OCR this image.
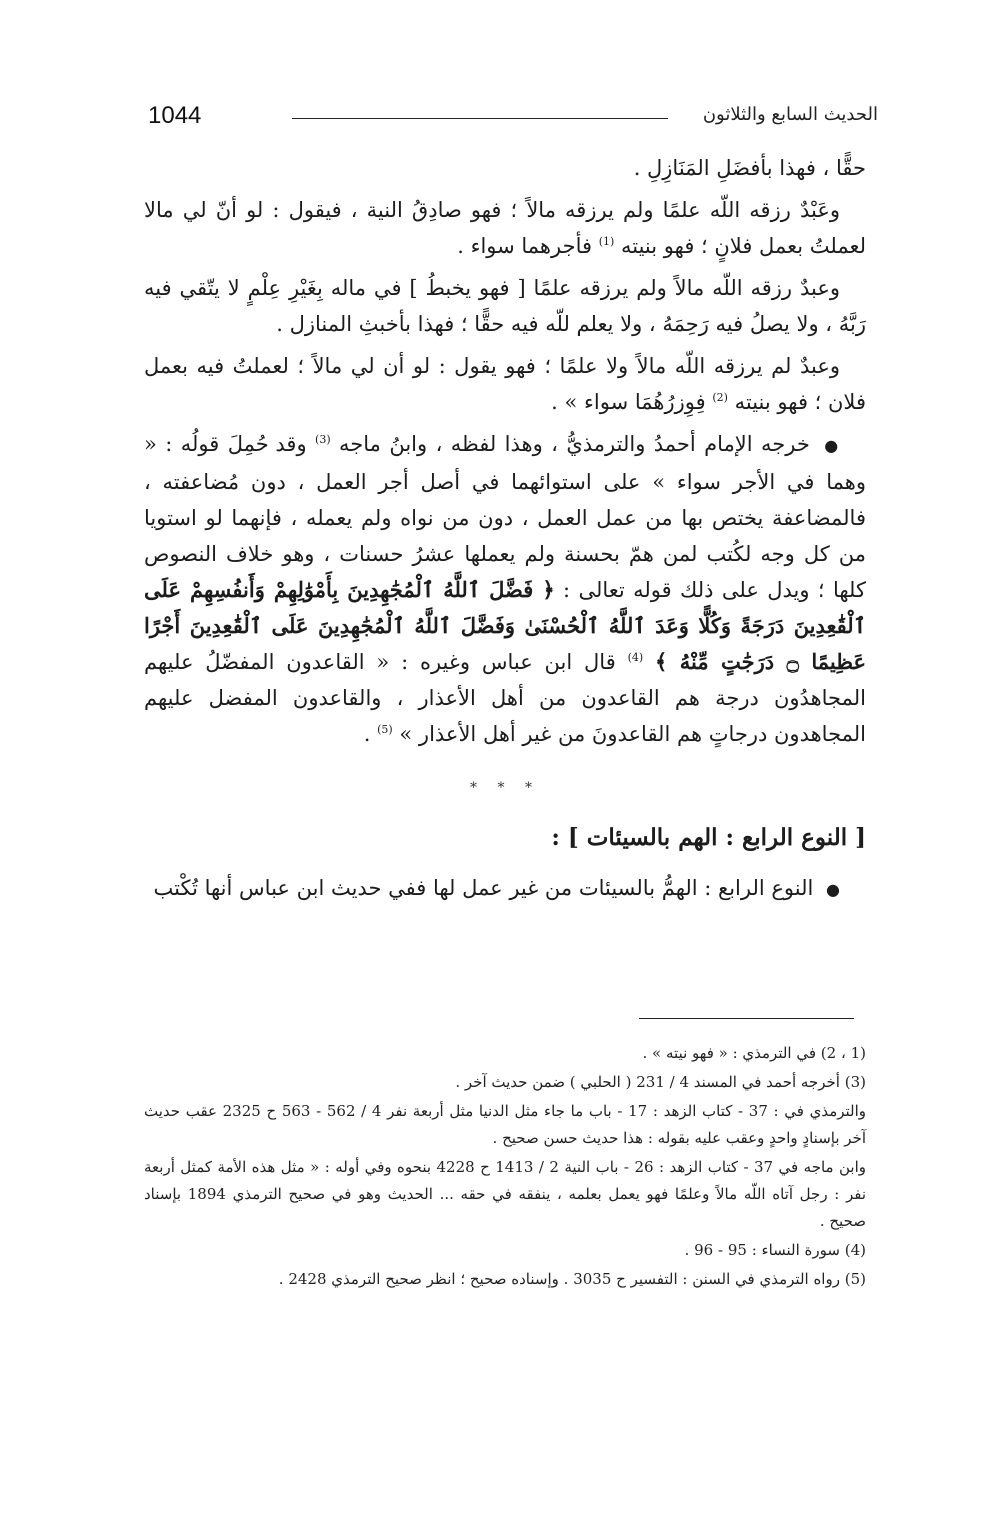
1044	الحديث السابع والثلاثون

حقًّا ، فهذا بأفضَلِ المَنَازِلِ .

وعَبْدٌ رزقه اللّه علمًا ولم يرزقه مالاً ؛ فهو صادِقُ النية ، فيقول : لو أنّ لي مالا لعملتُ بعمل فلانٍ ؛ فهو بنيته $^{(1)}$ فأجرهما سواء .

وعبدٌ رزقه اللّه مالاً ولم يرزقه علمًا [ فهو يخبطُ ] في ماله بِغَيْرِ عِلْمٍ لا يتّقي فيه رَبَّهُ ، ولا يصلُ فيه رَحِمَهُ ، ولا يعلم للّه فيه حقًّا ؛ فهذا بأخبثِ المنازل .

وعبدٌ لم يرزقه اللّه مالاً ولا علمًا ؛ فهو يقول : لو أن لي مالاً ؛ لعملتُ فيه بعمل فلان ؛ فهو بنيته $^{(2)}$ فِوِزرُهُمَا سواء » .

● خرجه الإمام أحمدُ والترمذيُّ ، وهذا لفظه ، وابنُ ماجه $^{(3)}$ وقد حُمِلَ قولُه : « وهما في الأجر سواء » على استوائهما في أصل أجر العمل ، دون مُضاعفته ، فالمضاعفة يختص بها من عمل العمل ، دون من نواه ولم يعمله ، فإنهما لو استويا من كل وجه لكُتب لمن همّ بحسنة ولم يعملها عشرُ حسنات ، وهو خلاف النصوص كلها ؛ ويدل على ذلك قوله تعالى : ﴿ فَضَّلَ ٱللَّهُ ٱلْمُجَٰهِدِينَ بِأَمْوَٰلِهِمْ وَأَنفُسِهِمْ عَلَى ٱلْقَٰعِدِينَ دَرَجَةً وَكُلًّا وَعَدَ ٱللَّهُ ٱلْحُسْنَىٰ وَفَضَّلَ ٱللَّهُ ٱلْمُجَٰهِدِينَ عَلَى ٱلْقَٰعِدِينَ أَجْرًا عَظِيمًا ۝ دَرَجَٰتٍ مِّنْهُ ﴾ $^{(4)}$ قال ابن عباس وغيره : « القاعدون المفضّلُ عليهم المجاهدُون درجة هم القاعدون من أهل الأعذار ، والقاعدون المفضل عليهم المجاهدون درجاتٍ هم القاعدونَ من غير أهل الأعذار » $^{(5)}$ .

* * *

[ النوع الرابع : الهم بالسيئات ] :

● النوع الرابع : الهمُّ بالسيئات من غير عمل لها ففي حديث ابن عباس أنها تُكْتب

(1 ، 2) في الترمذي : « فهو نيته » .

(3) أخرجه أحمد في المسند 4 / 231 ( الحلبي ) ضمن حديث آخر .

والترمذي في : 37 - كتاب الزهد : 17 - باب ما جاء مثل الدنيا مثل أربعة نفر 4 / 562 - 563 ح 2325 عقب حديث آخر بإسنادٍ واحدٍ وعقب عليه بقوله : هذا حديث حسن صحيح .

وابن ماجه في 37 - كتاب الزهد : 26 - باب النية 2 / 1413 ح 4228 بنحوه وفي أوله : « مثل هذه الأمة كمثل أربعة نفر : رجل آتاه اللّه مالاً وعلمًا فهو يعمل بعلمه ، ينفقه في حقه ... الحديث وهو في صحيح الترمذي 1894 بإسناد صحيح .

(4) سورة النساء : 95 - 96 .

(5) رواه الترمذي في السنن : التفسير ح 3035 . وإسناده صحيح ؛ انظر صحيح الترمذي 2428 .
